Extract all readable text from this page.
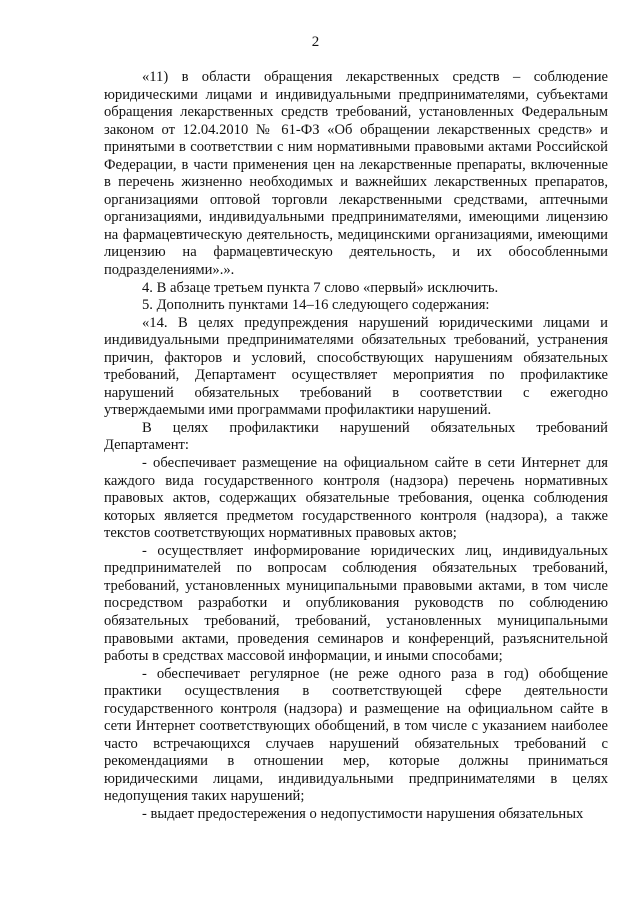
2

«11) в области обращения лекарственных средств – соблюдение юридическими лицами и индивидуальными предпринимателями, субъектами обращения лекарственных средств требований, установленных Федеральным законом от 12.04.2010 № 61-ФЗ «Об обращении лекарственных средств» и принятыми в соответствии с ним нормативными правовыми актами Российской Федерации, в части применения цен на лекарственные препараты, включенные в перечень жизненно необходимых и важнейших лекарственных препаратов, организациями оптовой торговли лекарственными средствами, аптечными организациями, индивидуальными предпринимателями, имеющими лицензию на фармацевтическую деятельность, медицинскими организациями, имеющими лицензию на фармацевтическую деятельность, и их обособленными подразделениями».».

4. В абзаце третьем пункта 7 слово «первый» исключить.

5. Дополнить пунктами 14–16 следующего содержания:

«14. В целях предупреждения нарушений юридическими лицами и индивидуальными предпринимателями обязательных требований, устранения причин, факторов и условий, способствующих нарушениям обязательных требований, Департамент осуществляет мероприятия по профилактике нарушений обязательных требований в соответствии с ежегодно утверждаемыми ими программами профилактики нарушений.

В целях профилактики нарушений обязательных требований Департамент:

- обеспечивает размещение на официальном сайте в сети Интернет для каждого вида государственного контроля (надзора) перечень нормативных правовых актов, содержащих обязательные требования, оценка соблюдения которых является предметом государственного контроля (надзора), а также текстов соответствующих нормативных правовых актов;

- осуществляет информирование юридических лиц, индивидуальных предпринимателей по вопросам соблюдения обязательных требований, требований, установленных муниципальными правовыми актами, в том числе посредством разработки и опубликования руководств по соблюдению обязательных требований, требований, установленных муниципальными правовыми актами, проведения семинаров и конференций, разъяснительной работы в средствах массовой информации, и иными способами;

- обеспечивает регулярное (не реже одного раза в год) обобщение практики осуществления в соответствующей сфере деятельности государственного контроля (надзора) и размещение на официальном сайте в сети Интернет соответствующих обобщений, в том числе с указанием наиболее часто встречающихся случаев нарушений обязательных требований с рекомендациями в отношении мер, которые должны приниматься юридическими лицами, индивидуальными предпринимателями в целях недопущения таких нарушений;

- выдает предостережения о недопустимости нарушения обязательных
